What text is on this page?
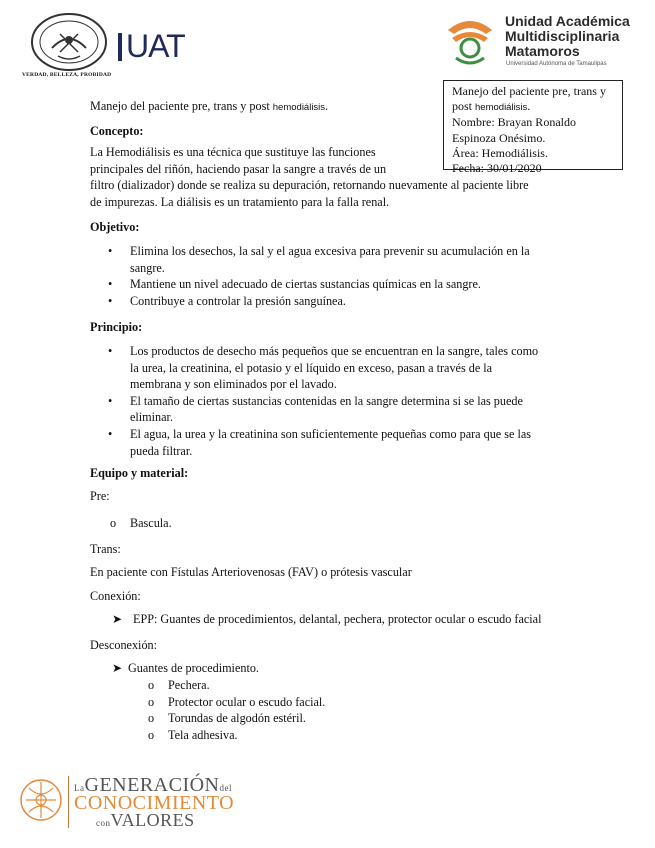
VERDAD, BELLEZA, PROBIDAD
UAT
Unidad Académica
Multidisciplinaria
Matamoros
Universidad Autónoma de Tamaulipas
Manejo del paciente pre, trans y
post hemodiálisis.
Nombre: Brayan Ronaldo
Espinoza Onésimo.
Área: Hemodiálisis.
Fecha: 30/01/2020
Manejo del paciente pre, trans y post hemodiálisis.
Concepto:
La Hemodiálisis es una técnica que sustituye las funciones
principales del riñón, haciendo pasar la sangre a través de un
filtro (dializador) donde se realiza su depuración, retornando nuevamente al paciente libre
de impurezas. La diálisis es un tratamiento para la falla renal.
Objetivo:
• Elimina los desechos, la sal y el agua excesiva para prevenir su acumulación en la
sangre.
• Mantiene un nivel adecuado de ciertas sustancias químicas en la sangre.
• Contribuye a controlar la presión sanguínea.
Principio:
• Los productos de desecho más pequeños que se encuentran en la sangre, tales como
la urea, la creatinina, el potasio y el líquido en exceso, pasan a través de la
membrana y son eliminados por el lavado.
• El tamaño de ciertas sustancias contenidas en la sangre determina si se las puede
eliminar.
• El agua, la urea y la creatinina son suficientemente pequeñas como para que se las
pueda filtrar.
Equipo y material:
Pre:
o Bascula.
Trans:
En paciente con Fístulas Arteriovenosas (FAV) o prótesis vascular
Conexión:
➤ EPP: Guantes de procedimientos, delantal, pechera, protector ocular o escudo facial
Desconexión:
➤ Guantes de procedimiento.
o Pechera.
o Protector ocular o escudo facial.
o Torundas de algodón estéril.
o Tela adhesiva.
LaGENERACIÓNdel
CONOCIMIENTO
conVALORES
